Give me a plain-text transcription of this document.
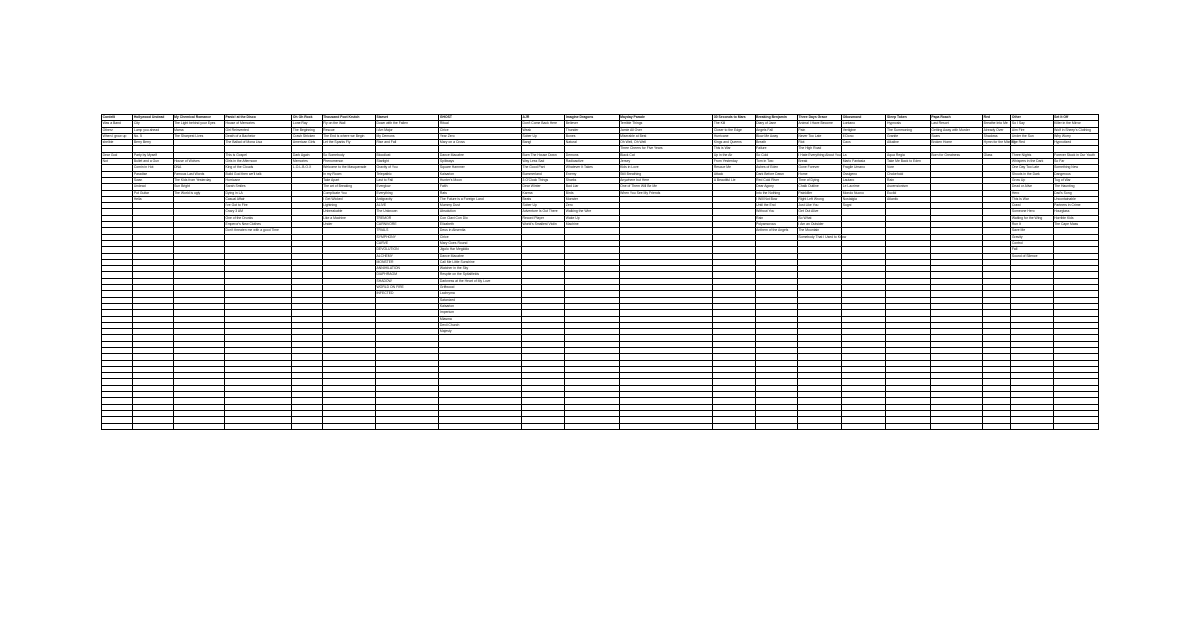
Cordelli	Hollywood Undead	My Chemical Romance	Panic! at the Disco	Oh Oh Rock	Thousand Foot Krutch	Starset	GHOST	AJR	Imagine Dragons	Mayday Parade	30 Seconds to Mars	Breaking Benjamin	Three Days Grace	Oikosmond	Sleep Token	Papa Roach	Red	Other	Set It Off
Was a Band	City	The Light behind your Eyes	House of Memories	Lone Ray	Fly on the Wall	Down with the Fallen	Ritual	Don't Come Back Here	Believer	Terrible Things	The Kill	Diary of Jane	Animal I Have Become	Lontano	Hypnosis	Last Resort	Breathe Into Me	So I Say	Killer in the Mirror
Otherz	Lump you ahead	Mama	Girl Reinvented	The Beginning	Rescue	I Am Major	Cirice	Weak	Thunder	Jamie All Over	Closer to the Edge	Angels Fall	Pain	Vertigine	The Summoning	Getting Away with Murder	Already Over	Aim Fire	Wolf in Sheep's Clothing
When I grow up	No. 5	The Sharpest Lives	Death of a Bachelor	Crash Stricken	The End is where we Begin	My Demons	Year Zero	Sober Up	Bones	Miserable at Best	Hurricane	Blow Me Away	Never Too Late	Il Dono	Granite	Scars	Shadows	Under the Sun	Why Worry
shelbie	Berry Berry		The Ballad of Mona Lisa	American Girls	Let the Sparks Fly	Rise and Fall	Mary on a Cross	Bang!	Natural	Oh Well, Oh Well	Kings and Queens	Breath	Riot	Caos	Alkaline	Broken Home	Hymn for the Missing	The Red	Hypnotized
										Three Cheers for Five Years	This is War	Failure	The High Road						
Dear God	Party by Myself		This is Gospel	Dark Again	So Somebody	Bloodlust	Dance Macabre	Burn The House Down	Demons	Black Cat	Up in the Air	So Cold	I Hate Everything About You	La	Aqua Regia	Born for Greatness	Glass	Three Nights	Forever Stuck in Our Youth
Not	Bullet and a Gun	House of Wolves	Girls in the Afternoon	Memories	Phenomenon	Starlight	Spillways	Way Less Sad	Radioactive	Jersey	From Yesterday	Torn in Two	Break	Marlo Fantasia	Take Me Back to Eden			Whispers in the Dark	So Far
	Comin in Hot	DNA	King of the Clouds	L.O.L.B.O.X	Welcome to the Masquerade	Gravity of You	Square Hammer	The Good Part	Whatever It Takes	Kids in Love	Rescue Me	Ashes of Eden	Gone Forever	Fragile Umano	Vore			One Day Too Late	Something New
	Paradise	Famous Last Words	Build God then we'll talk		In my Room	Telepathic	Kaisarion	Bummerland	Enemy	Still Breathing	Attack	Dark Before Dawn	Home	Ossigeno	Chokehold			Shouts in the Dark	Dangerous
	Swan	The Kids from Yesterday	Hurricane		Take Apart	Last to Fall	Hunter's Moon	3 O'Clock Things	Sharks	Anywhere but Here	A Beautiful Lie	Red Cold River	Time of Dying	Lautaro	Rain			Grow Up	Tug of War
	Undead	Sun Bright	Sarah Smiles		The art of Breaking	Everglow	Faith	Dear Winter	Bad Liar	One of Them Will Be Me		Dear Agony	Chalk Outline	Le Lacrime	Ascensionism			Dead or Alive	The Haunting
	Pot Guitar	The World is ugly	Dying in LA		Complicate You	Everything	Rats	Karma	Birds	When You See My Friends		Into the Nothing	Painkiller	Mondo Nuovo	Euclid			Hero	Dad's Song
	Hella		Casual Affair		I Get Wicked	Antigravity	The Future is a Foreign Land	Beats	Monster			I Will Not Bow	Right Left Wrong	Nostalgia	Atlantic			This Is War	Uncontainable
			I've Got to Fire		Lightning	ALIVE	Mummy Dust	Sober Up	Zero			Until the End	Just Like You	Sogni				Crawl	Partners in Crime
			Crazy 3 AM		Unbreakable	The Unknown	Absolution	Adventure Is Out There	Walking the Wire			Without You	Get Out Alive					Someone Hero	Hourglass
			One of the Drunks		Like a Machine	TREMOR	Con Clavi Con Dio	Record Player	Wake Up			Rain	So What					Waiting for the Wing	Horrible Kids
			Emperor's New Clothes		Under	CARNIVORE	Elizabeth	World's Smallest Violin	Machine			Polyamorous	I Am an Outsider					Run It	The Cape Mass
			Don't threaten me with a good Time			TRIALS	Deus in Absentia					Anthem of the Angels	The Mountain					Save Me	
						SYMPHONY	Cirice						Somebody That I Used to Know					Gravity	
						CARVE	Mary Goes Round											Control	
						DEVOLUTION	Jigolo Har Megiddo											Fall	
						ALCHEMY	Dance Macabre											Sound of Silence	
						MONSTER	Call Me Little Sunshine												
						ANNIHILATION	Watcher in the Sky												
						DIAPHRAGM	Respite on the Spitalfields												
						SHADOW	Darkness at the Heart of My Love												
						WORLD ON FIRE	Griftwood												
						INFECTED	Lachryma												
							Satanized												
							Kaisarion												
							Imperium												
							Miasma												
							Devil Church												
							Majesty												
